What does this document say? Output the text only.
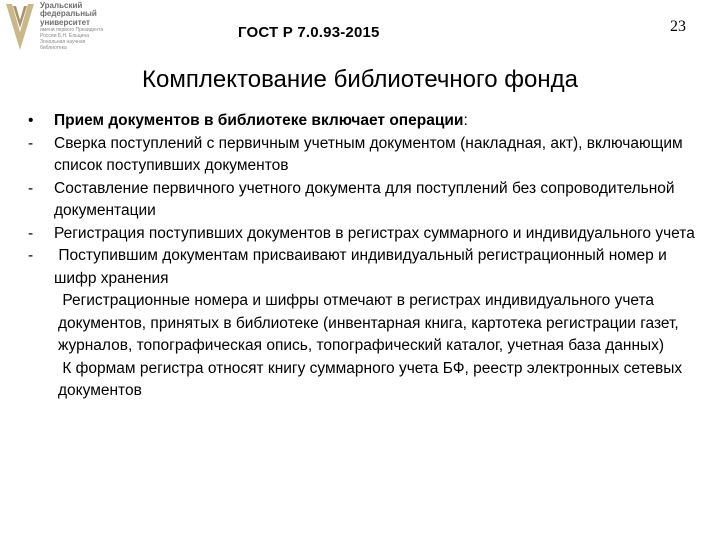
Уральский
федеральный
университет
имени первого Президента
России Б.Н. Ельцина
Зональная научная
библиотека
ГОСТ Р 7.0.93-2015	23
Комплектование библиотечного фонда
•	Прием документов в библиотеке включает операции:
-	Сверка поступлений с первичным учетным документом (накладная, акт), включающим список поступивших документов
-	Составление первичного учетного документа для поступлений без сопроводительной документации
-	Регистрация поступивших документов в регистрах суммарного и индивидуального учета
-	Поступившим документам присваивают индивидуальный регистрационный номер и шифр хранения
Регистрационные номера и шифры отмечают в регистрах индивидуального учета документов, принятых в библиотеке (инвентарная книга, картотека регистрации газет, журналов, топографическая опись, топографический каталог, учетная база данных)
К формам регистра относят книгу суммарного учета БФ, реестр электронных сетевых документов
